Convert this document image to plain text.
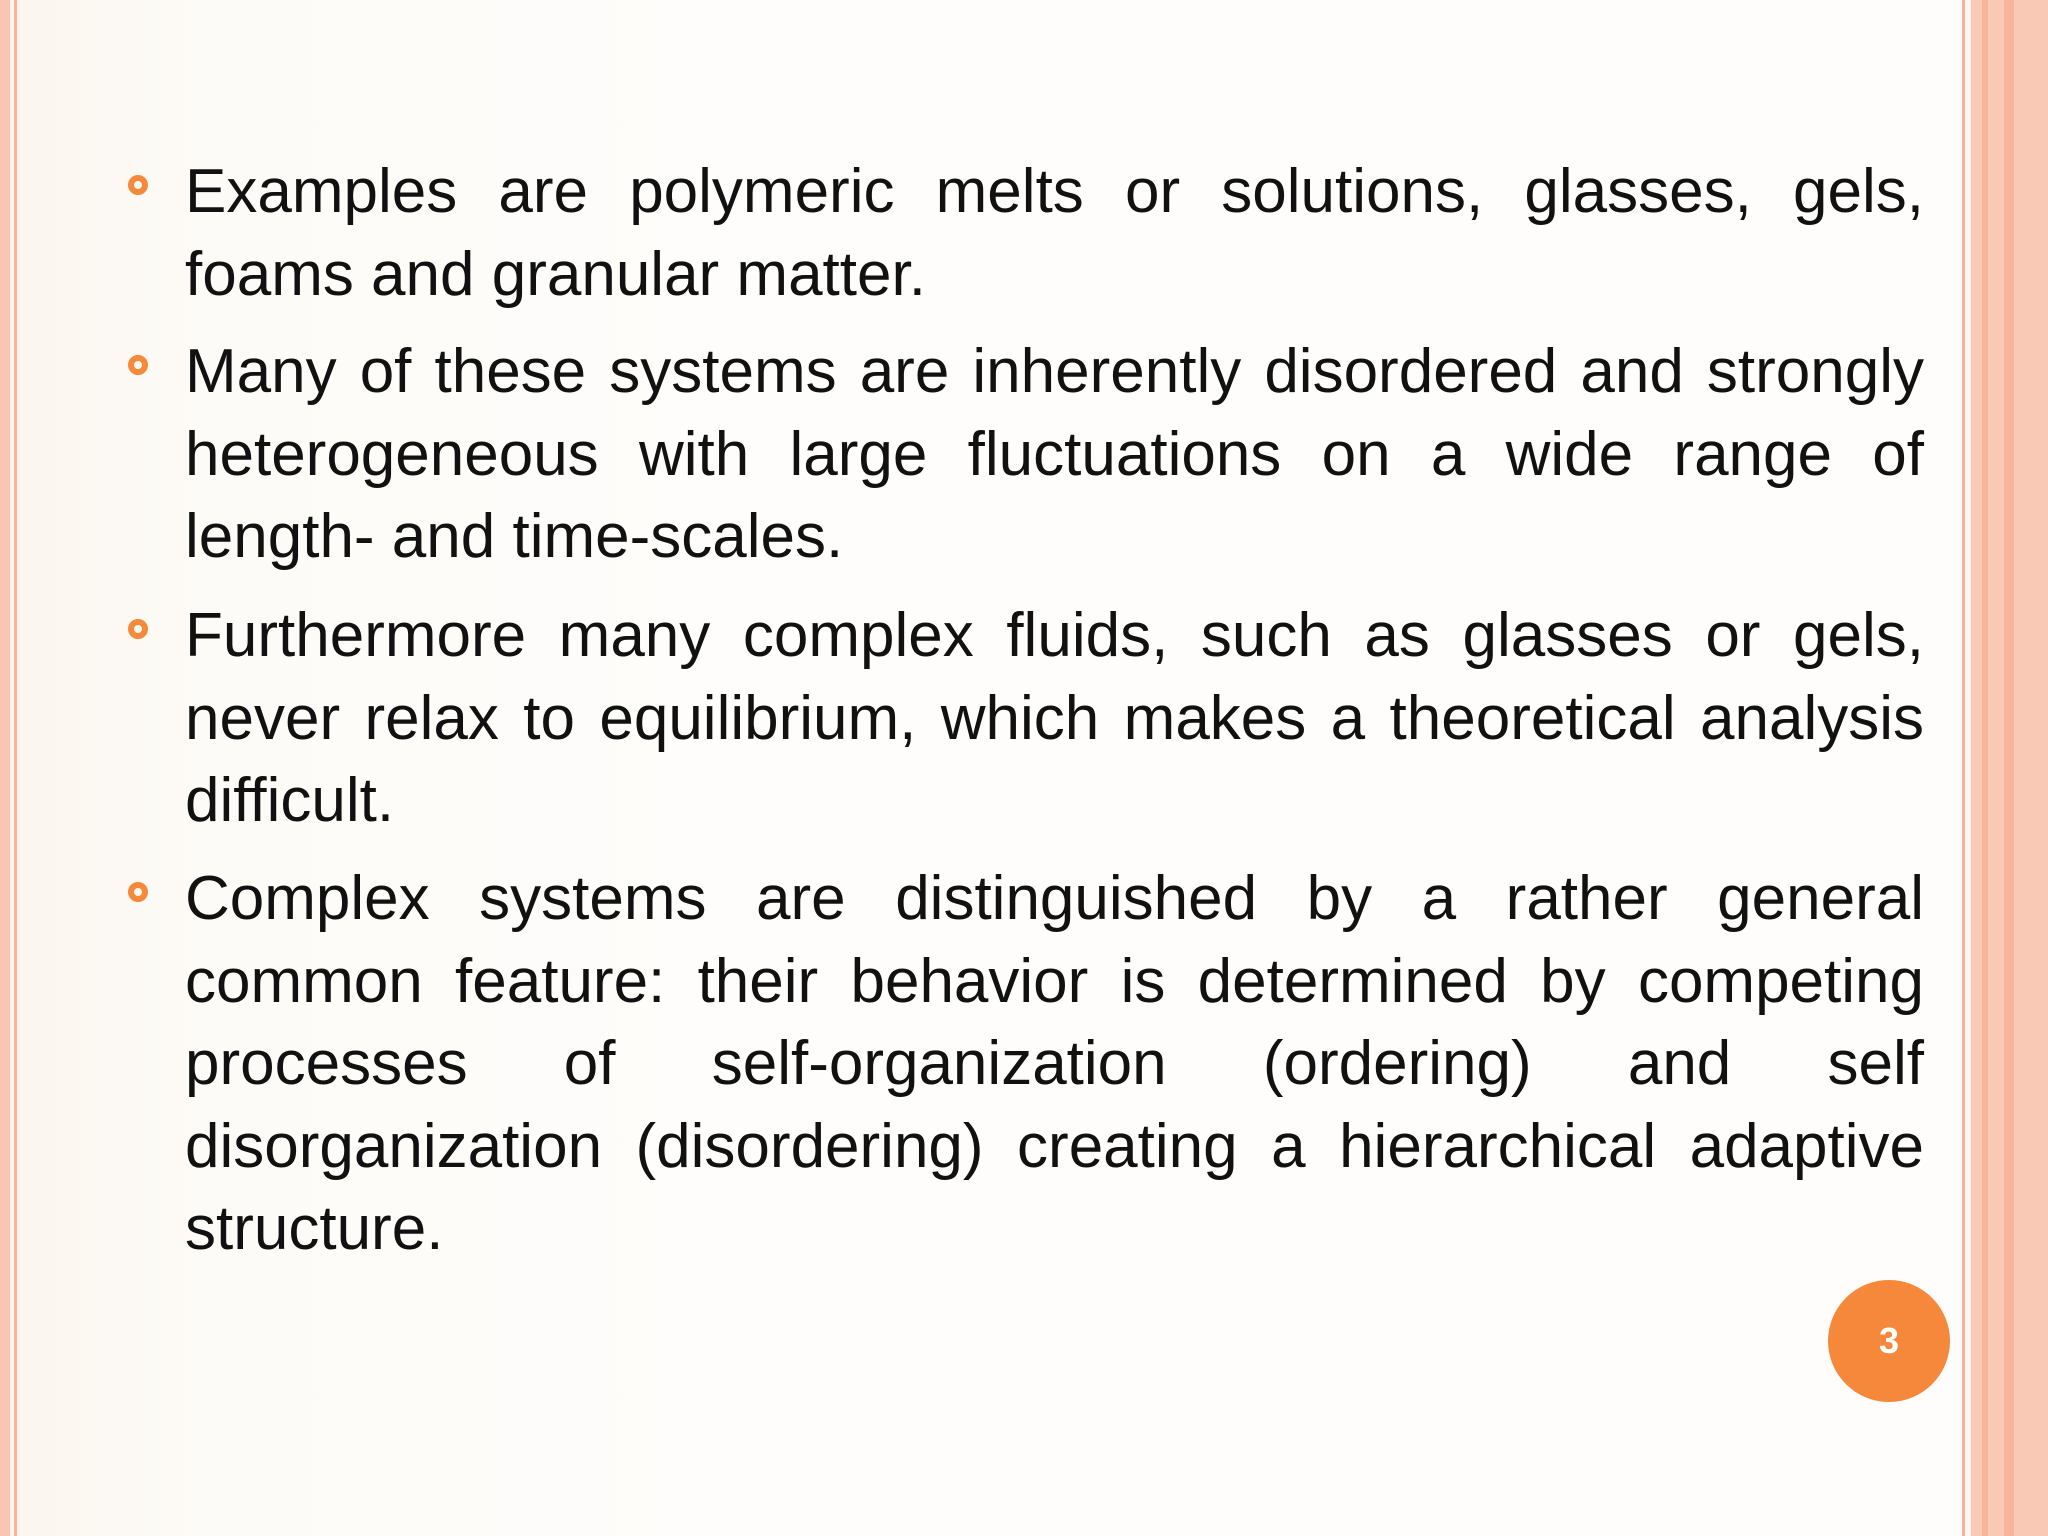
Examples are polymeric melts or solutions, glasses, gels, foams and granular matter.

Many of these systems are inherently disordered and strongly heterogeneous with large fluctuations on a wide range of length- and time-scales.

Furthermore many complex fluids, such as glasses or gels, never relax to equilibrium, which makes a theoretical analysis difficult.

Complex systems are distinguished by a rather general common feature: their behavior is determined by competing processes of self-organization (ordering) and self disorganization (disordering) creating a hierarchical adaptive structure.

3
